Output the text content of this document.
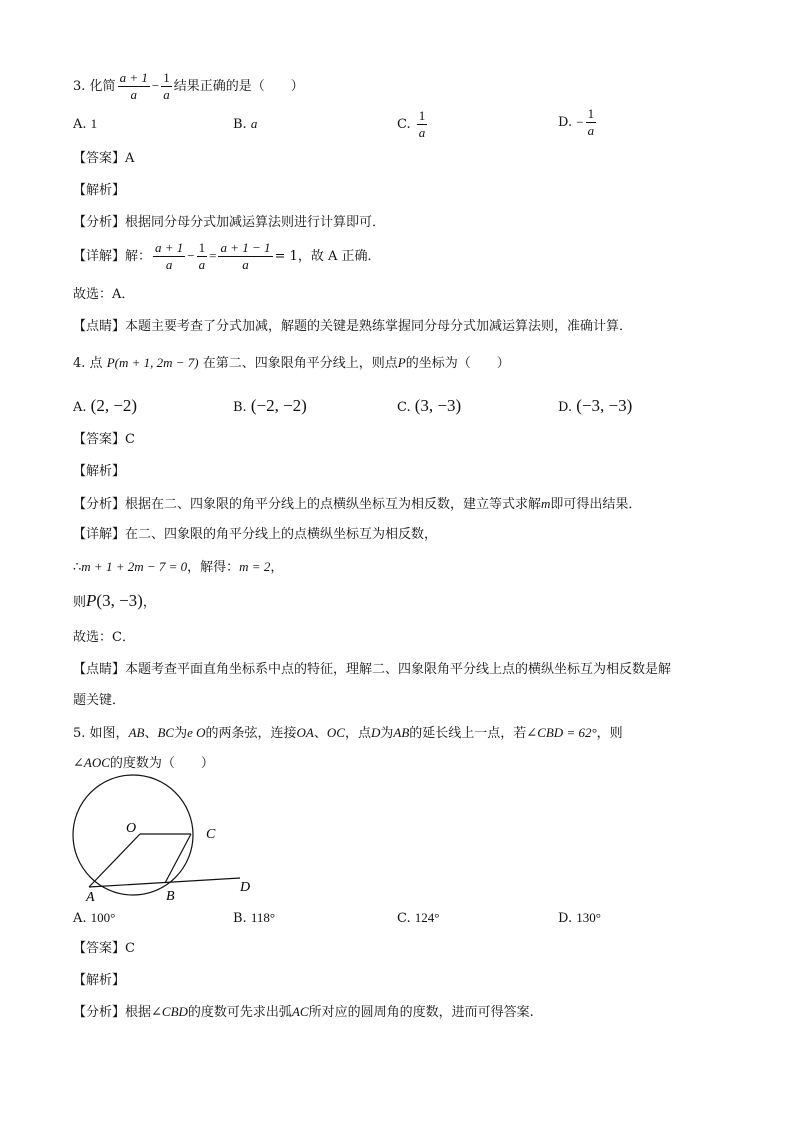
3. 化简 $\frac{a + 1}{a} - \frac{1}{a}$ 结果正确的是（　　）
A. 1	B. a	C. $\frac{1}{a}$	D. − $\frac{1}{a}$
【答案】A
【解析】
【分析】根据同分母分式加减运算法则进行计算即可．
【详解】解： $\frac{a + 1}{a} - \frac{1}{a} = \frac{a + 1 - 1}{a} = 1$，故 A 正确．
故选：A．
【点睛】本题主要考查了分式加减，解题的关键是熟练掌握同分母分式加减运算法则，准确计算．
4. 点 P(m + 1, 2m − 7) 在第二、四象限角平分线上，则点P的坐标为（　　）
A. (2, −2)	B. (−2, −2)	C. (3, −3)	D. (−3, −3)
【答案】C
【解析】
【分析】根据在二、四象限的角平分线上的点横纵坐标互为相反数，建立等式求解m即可得出结果．
【详解】在二、四象限的角平分线上的点横纵坐标互为相反数，
∴m + 1 + 2m − 7 = 0，解得：m = 2，
则P(3, −3)，
故选：C．
【点睛】本题考查平面直角坐标系中点的特征，理解二、四象限角平分线上点的横纵坐标互为相反数是解
题关键．
5. 如图，AB、BC为e O的两条弦，连接OA、OC，点D为AB的延长线上一点，若∠CBD = 62°，则
∠AOC的度数为（　　）
O	C
A	B
D
A. 100°	B. 118°	C. 124°	D. 130°
【答案】C
【解析】
【分析】根据∠CBD的度数可先求出弧AC所对应的圆周角的度数，进而可得答案.
